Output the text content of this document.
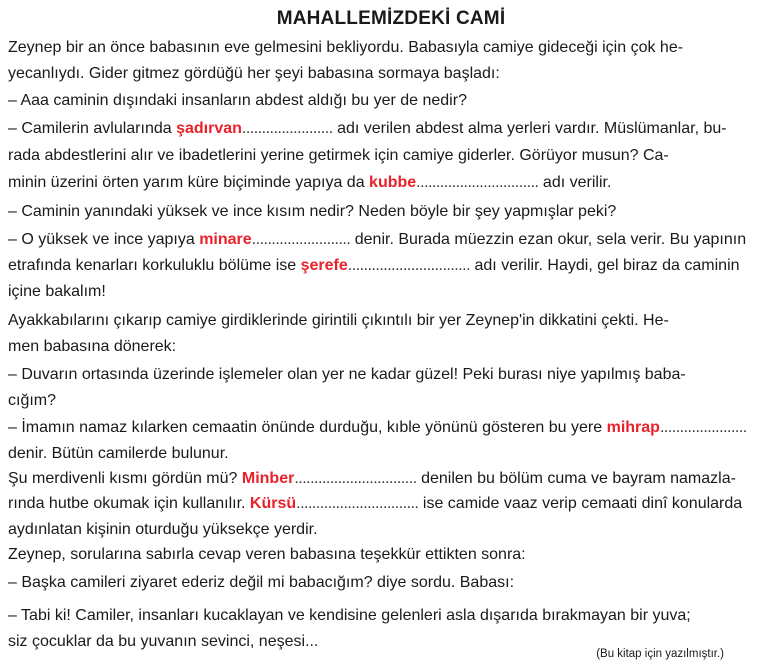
MAHALLEMİZDEKİ CAMİ
Zeynep bir an önce babasının eve gelmesini bekliyordu. Babasıyla camiye gideceği için çok he-
yecanlıydı. Gider gitmez gördüğü her şeyi babasına sormaya başladı:
– Aaa caminin dışındaki insanların abdest aldığı bu yer de nedir?
– Camilerin avlularında şadırvan....................... adı verilen abdest alma yerleri vardır. Müslümanlar, bu-
rada abdestlerini alır ve ibadetlerini yerine getirmek için camiye giderler. Görüyor musun? Ca-
minin üzerini örten yarım küre biçiminde yapıya da kubbe............................... adı verilir.
– Caminin yanındaki yüksek ve ince kısım nedir? Neden böyle bir şey yapmışlar peki?
– O yüksek ve ince yapıya minare......................... denir. Burada müezzin ezan okur, sela verir. Bu yapının
etrafında kenarları korkuluklu bölüme ise şerefe............................... adı verilir. Haydi, gel biraz da caminin
içine bakalım!
Ayakkabılarını çıkarıp camiye girdiklerinde girintili çıkıntılı bir yer Zeynep'in dikkatini çekti. He-
men babasına dönerek:
– Duvarın ortasında üzerinde işlemeler olan yer ne kadar güzel! Peki burası niye yapılmış baba-
cığım?
– İmamın namaz kılarken cemaatin önünde durduğu, kıble yönünü gösteren bu yere mihrap......................
denir. Bütün camilerde bulunur.
Şu merdivenli kısmı gördün mü? Minber............................... denilen bu bölüm cuma ve bayram namazla-
rında hutbe okumak için kullanılır. Kürsü............................... ise camide vaaz verip cemaati dinî konularda
aydınlatan kişinin oturduğu yüksekçe yerdir.
Zeynep, sorularına sabırla cevap veren babasına teşekkür ettikten sonra:
– Başka camileri ziyaret ederiz değil mi babacığım? diye sordu. Babası:
– Tabi ki! Camiler, insanları kucaklayan ve kendisine gelenleri asla dışarıda bırakmayan bir yuva;
siz çocuklar da bu yuvanın sevinci, neşesi...
(Bu kitap için yazılmıştır.)
